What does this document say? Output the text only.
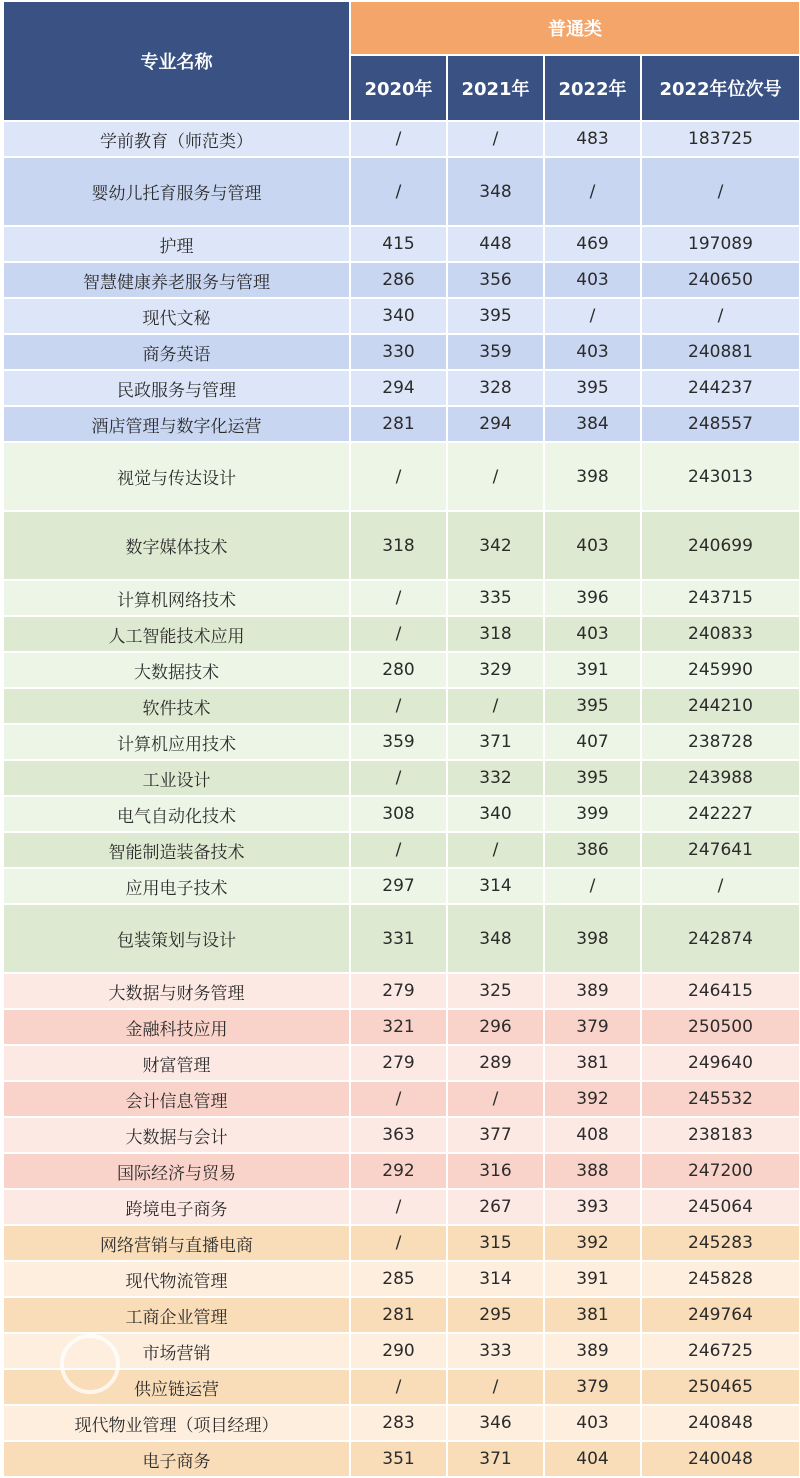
专业名称	普通类			
	2020年	2021年	2022年	2022年位次号
学前教育（师范类）	/	/	483	183725
婴幼儿托育服务与管理	/	348	/	/
护理	415	448	469	197089
智慧健康养老服务与管理	286	356	403	240650
现代文秘	340	395	/	/
商务英语	330	359	403	240881
民政服务与管理	294	328	395	244237
酒店管理与数字化运营	281	294	384	248557
视觉与传达设计	/	/	398	243013
数字媒体技术	318	342	403	240699
计算机网络技术	/	335	396	243715
人工智能技术应用	/	318	403	240833
大数据技术	280	329	391	245990
软件技术	/	/	395	244210
计算机应用技术	359	371	407	238728
工业设计	/	332	395	243988
电气自动化技术	308	340	399	242227
智能制造装备技术	/	/	386	247641
应用电子技术	297	314	/	/
包装策划与设计	331	348	398	242874
大数据与财务管理	279	325	389	246415
金融科技应用	321	296	379	250500
财富管理	279	289	381	249640
会计信息管理	/	/	392	245532
大数据与会计	363	377	408	238183
国际经济与贸易	292	316	388	247200
跨境电子商务	/	267	393	245064
网络营销与直播电商	/	315	392	245283
现代物流管理	285	314	391	245828
工商企业管理	281	295	381	249764
市场营销	290	333	389	246725
供应链运营	/	/	379	250465
现代物业管理（项目经理）	283	346	403	240848
电子商务	351	371	404	240048
